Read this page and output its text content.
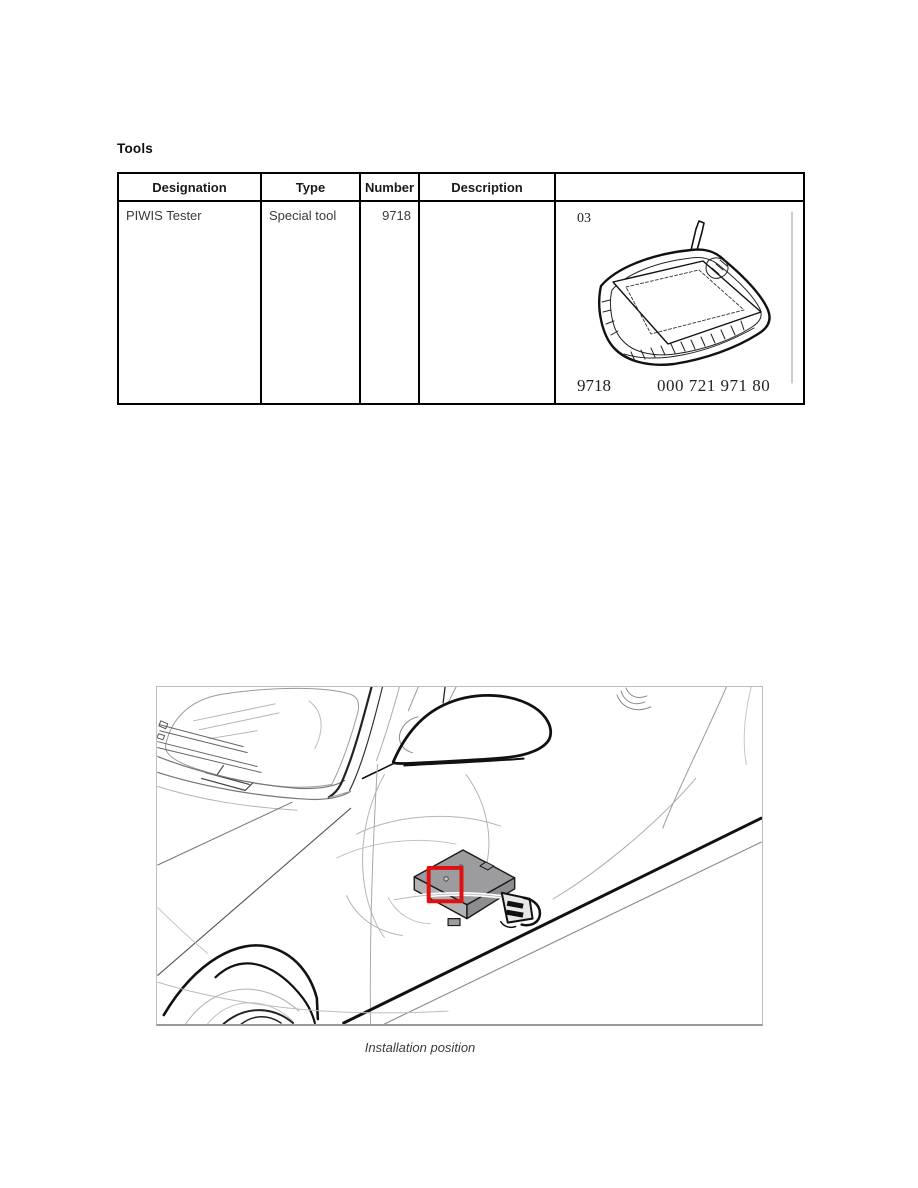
Tools
Designation	Type	Number	Description	
PIWIS Tester	Special tool	9718		03
9718 000 721 971 80
Installation position
